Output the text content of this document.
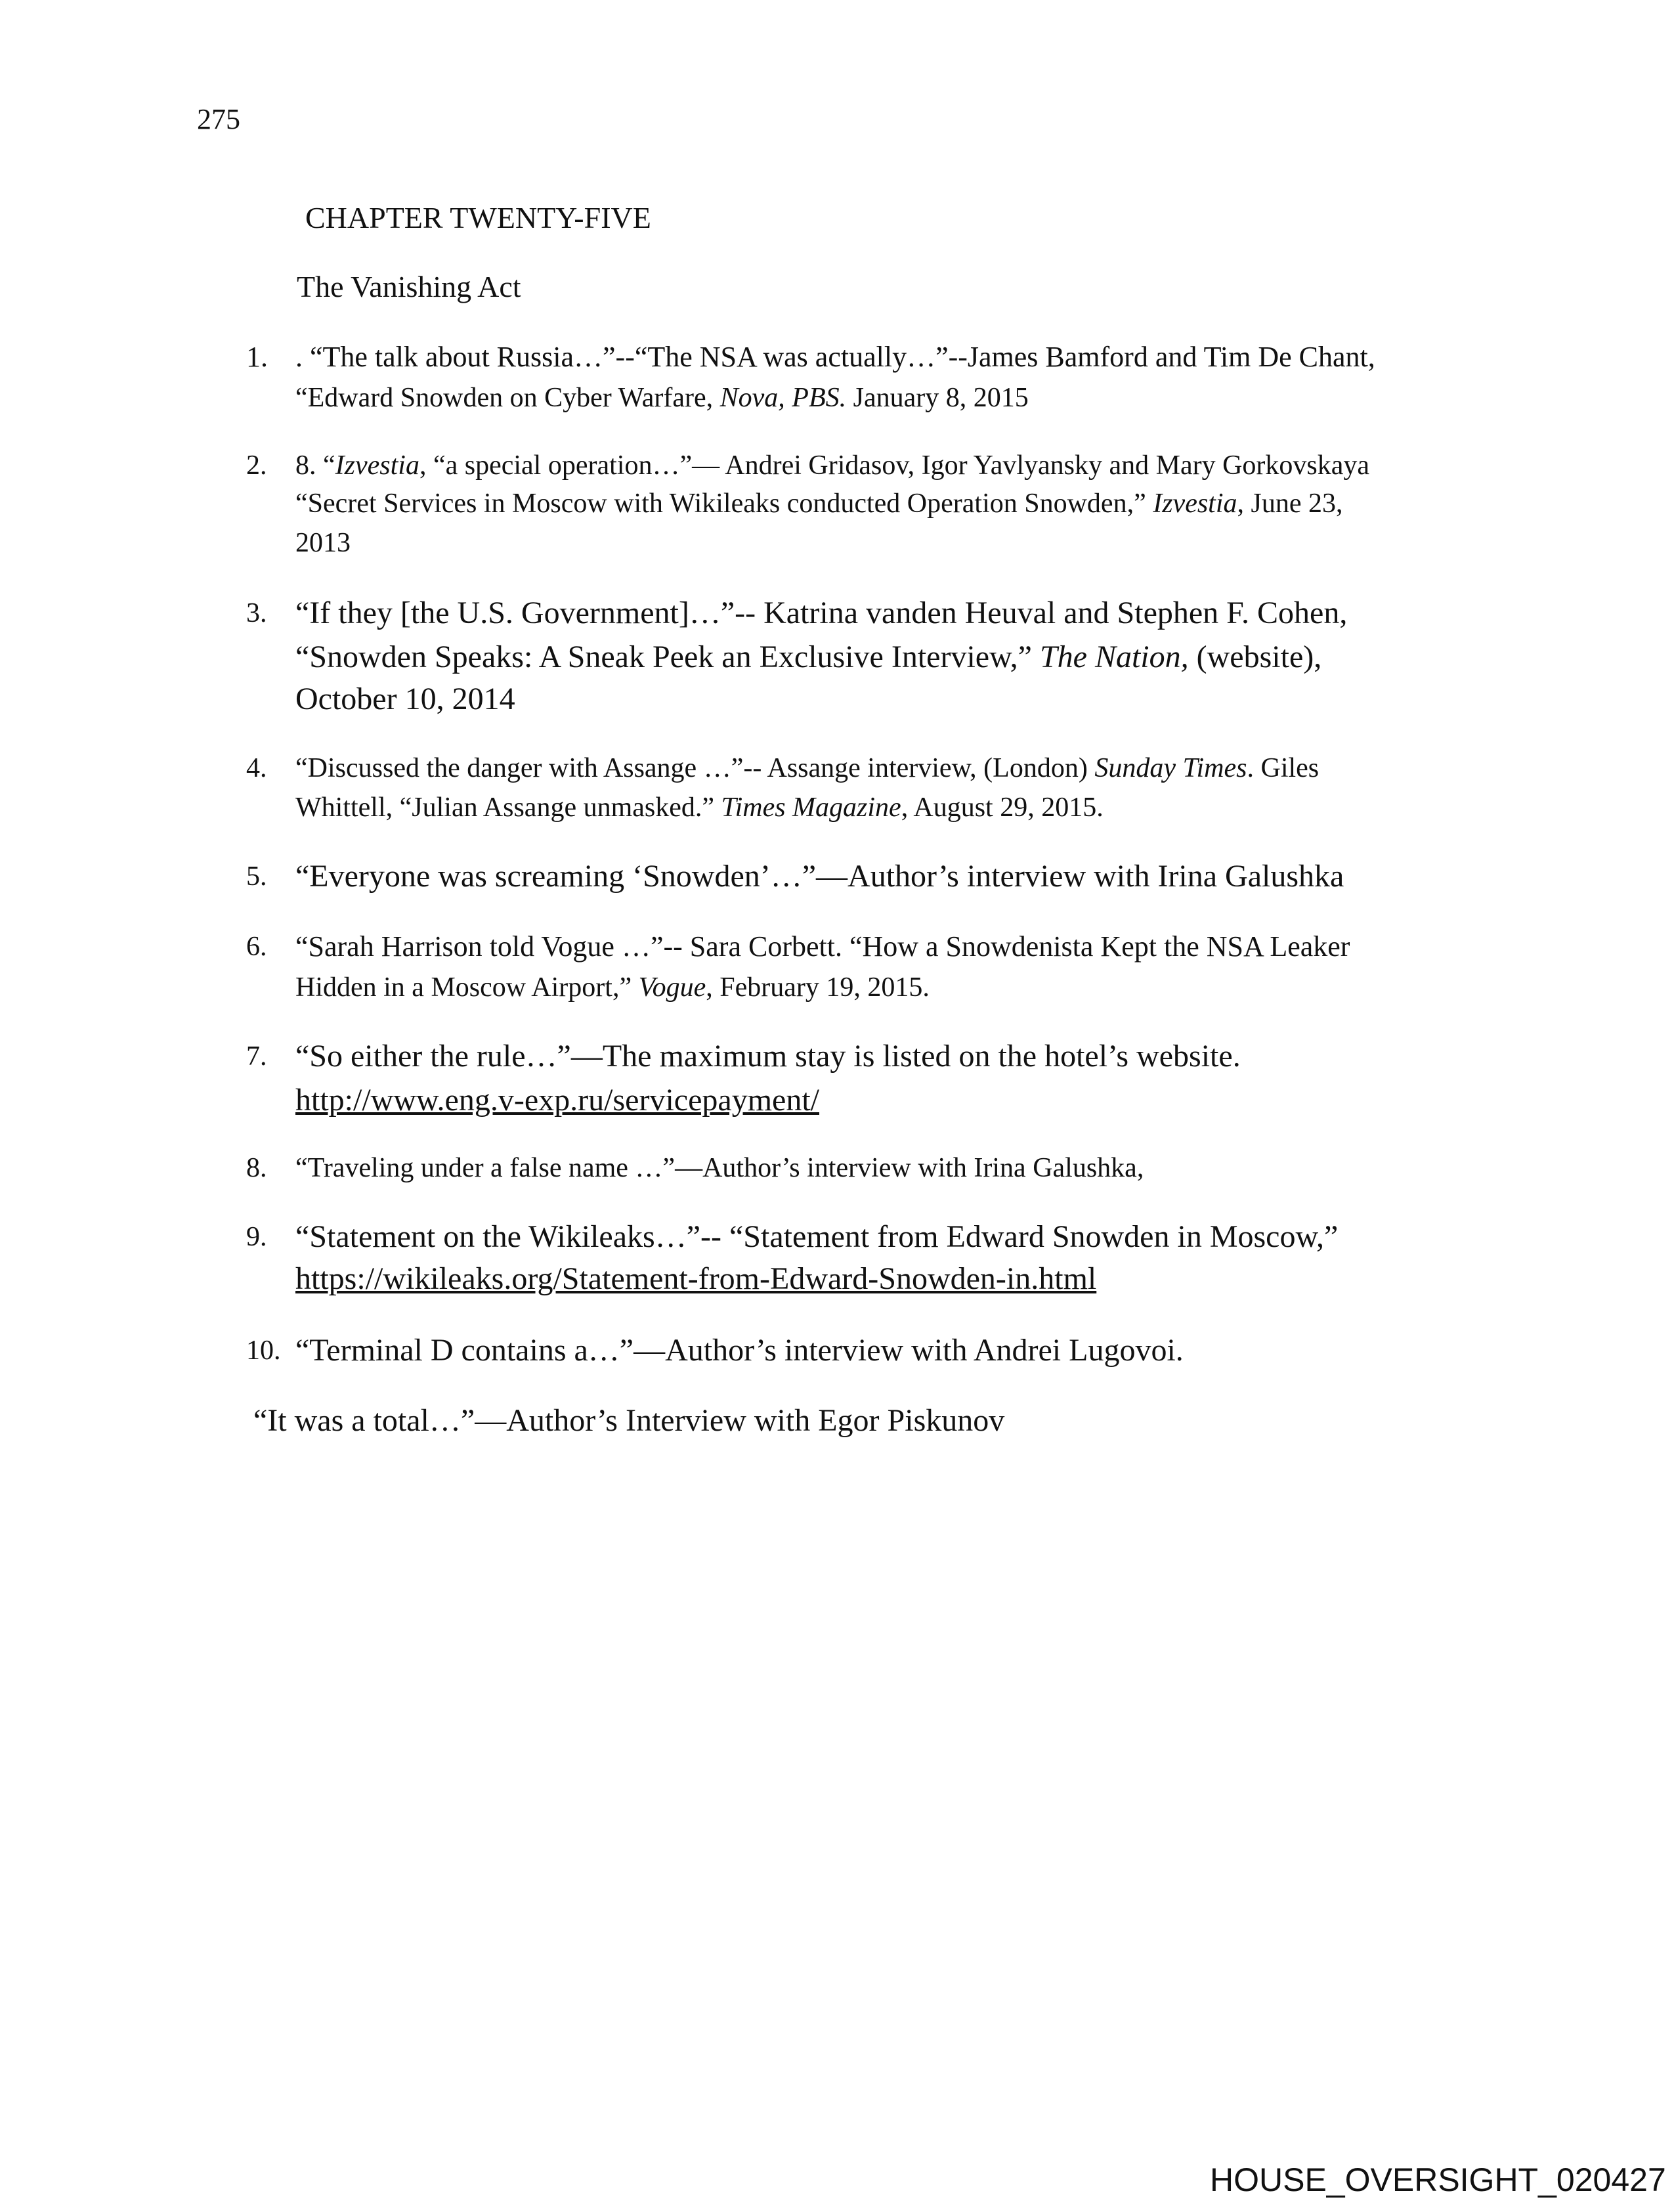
275
CHAPTER TWENTY-FIVE
The Vanishing Act
1. . “The talk about Russia…”--“The NSA was actually…”--James Bamford and Tim De Chant,
“Edward Snowden on Cyber Warfare, Nova, PBS. January 8, 2015
2. 8. “Izvestia, “a special operation…”— Andrei Gridasov, Igor Yavlyansky and Mary Gorkovskaya
“Secret Services in Moscow with Wikileaks conducted Operation Snowden,” Izvestia, June 23,
2013
3. “If they [the U.S. Government]…”-- Katrina vanden Heuval and Stephen F. Cohen,
“Snowden Speaks: A Sneak Peek an Exclusive Interview,” The Nation, (website),
October 10, 2014
4. “Discussed the danger with Assange …”-- Assange interview, (London) Sunday Times. Giles
Whittell, “Julian Assange unmasked.” Times Magazine, August 29, 2015.
5. “Everyone was screaming ‘Snowden’…”—Author’s interview with Irina Galushka
6. “Sarah Harrison told Vogue …”-- Sara Corbett. “How a Snowdenista Kept the NSA Leaker
Hidden in a Moscow Airport,” Vogue, February 19, 2015.
7. “So either the rule…”—The maximum stay is listed on the hotel’s website.
http://www.eng.v-exp.ru/servicepayment/
8. “Traveling under a false name …”—Author’s interview with Irina Galushka,
9. “Statement on the Wikileaks…”-- “Statement from Edward Snowden in Moscow,”
https://wikileaks.org/Statement-from-Edward-Snowden-in.html
10. “Terminal D contains a…”—Author’s interview with Andrei Lugovoi.
“It was a total…”—Author’s Interview with Egor Piskunov
HOUSE_OVERSIGHT_020427
